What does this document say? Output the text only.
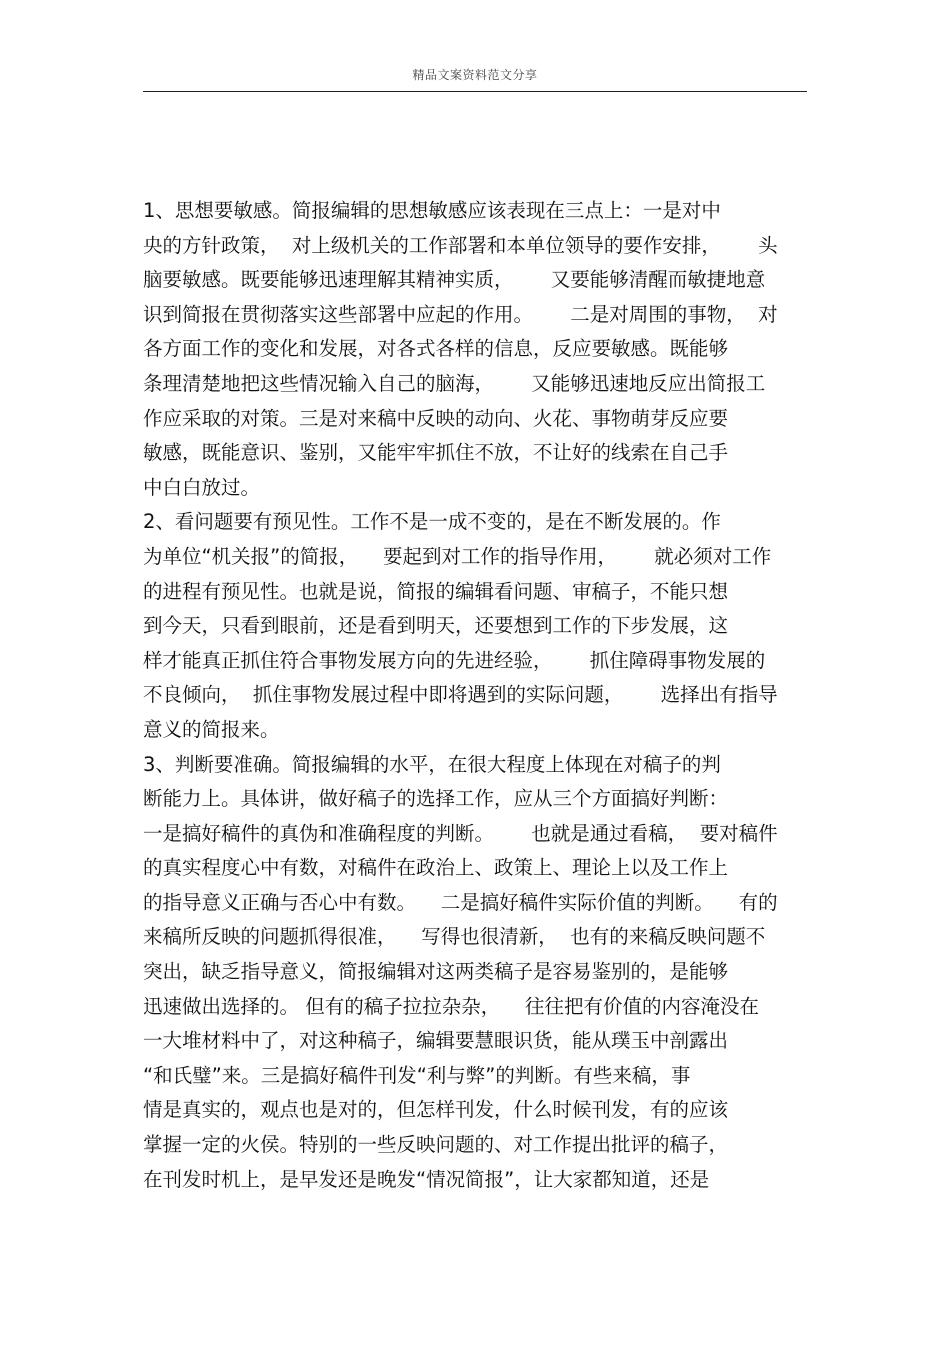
精品文案资料范文分享

1、思想要敏感。简报编辑的思想敏感应该表现在三点上：一是对中

央的方针政策，  对上级机关的工作部署和本单位领导的要作安排，      头

脑要敏感。既要能够迅速理解其精神实质，      又要能够清醒而敏捷地意

识到简报在贯彻落实这些部署中应起的作用。      二是对周围的事物，  对

各方面工作的变化和发展，对各式各样的信息，反应要敏感。既能够

条理清楚地把这些情况输入自己的脑海，      又能够迅速地反应出简报工

作应采取的对策。三是对来稿中反映的动向、火花、事物萌芽反应要

敏感，既能意识、鉴别，又能牢牢抓住不放，不让好的线索在自己手

中白白放过。

2、看问题要有预见性。工作不是一成不变的，是在不断发展的。作

为单位“机关报”的简报，    要起到对工作的指导作用，      就必须对工作

的进程有预见性。也就是说，简报的编辑看问题、审稿子，不能只想

到今天，只看到眼前，还是看到明天，还要想到工作的下步发展，这

样才能真正抓住符合事物发展方向的先进经验，      抓住障碍事物发展的

不良倾向，  抓住事物发展过程中即将遇到的实际问题，      选择出有指导

意义的简报来。

3、判断要准确。简报编辑的水平，在很大程度上体现在对稿子的判

断能力上。具体讲，做好稿子的选择工作，应从三个方面搞好判断：

一是搞好稿件的真伪和准确程度的判断。      也就是通过看稿，  要对稿件

的真实程度心中有数，对稿件在政治上、政策上、理论上以及工作上

的指导意义正确与否心中有数。    二是搞好稿件实际价值的判断。    有的

来稿所反映的问题抓得很准，    写得也很清新，  也有的来稿反映问题不

突出，缺乏指导意义，简报编辑对这两类稿子是容易鉴别的，是能够

迅速做出选择的。 但有的稿子拉拉杂杂，    往往把有价值的内容淹没在

一大堆材料中了，对这种稿子，编辑要慧眼识货，能从璞玉中剖露出

“和氏璧”来。三是搞好稿件刊发“利与弊”的判断。有些来稿，事

情是真实的，观点也是对的，但怎样刊发，什么时候刊发，有的应该

掌握一定的火侯。特别的一些反映问题的、对工作提出批评的稿子，

在刊发时机上，是早发还是晚发“情况简报”，让大家都知道，还是
